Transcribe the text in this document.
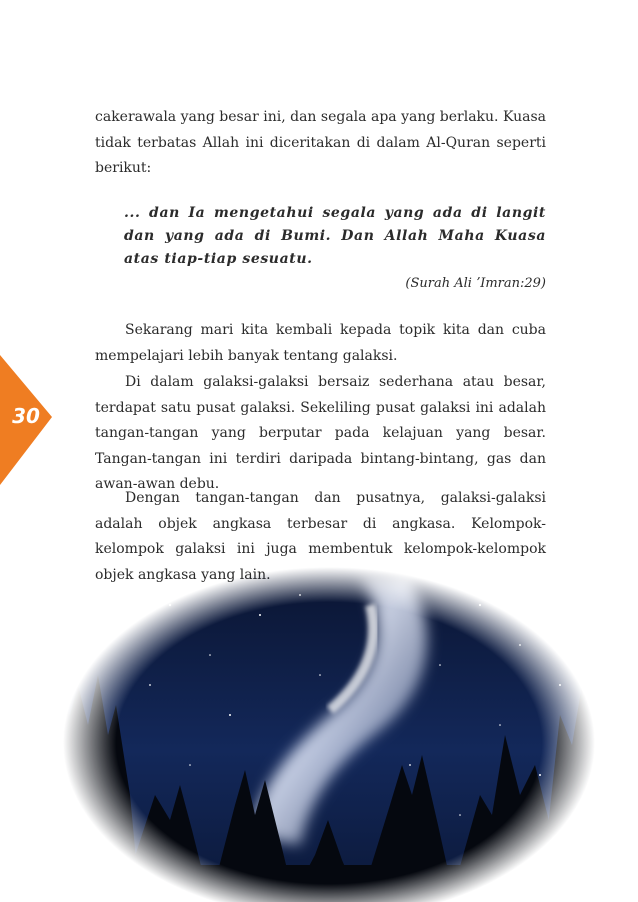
cakerawala yang besar ini, dan segala apa yang berlaku. Kuasa tidak terbatas Allah ini diceritakan di dalam Al-Quran seperti berikut:

... dan Ia mengetahui segala yang ada di langit dan yang ada di Bumi. Dan Allah Maha Kuasa atas tiap-tiap sesuatu.

(Surah Ali ʼImran:29)

Sekarang mari kita kembali kepada topik kita dan cuba mempelajari lebih banyak tentang galaksi.

Di dalam galaksi-galaksi bersaiz sederhana atau besar, terdapat satu pusat galaksi. Sekeliling pusat galaksi ini adalah tangan-tangan yang berputar pada kelajuan yang besar. Tangan-tangan ini terdiri daripada bintang-bintang, gas dan awan-awan debu.

Dengan tangan-tangan dan pusatnya, galaksi-galaksi adalah objek angkasa terbesar di angkasa. Kelompok-kelompok galaksi ini juga membentuk kelompok-kelompok

30
